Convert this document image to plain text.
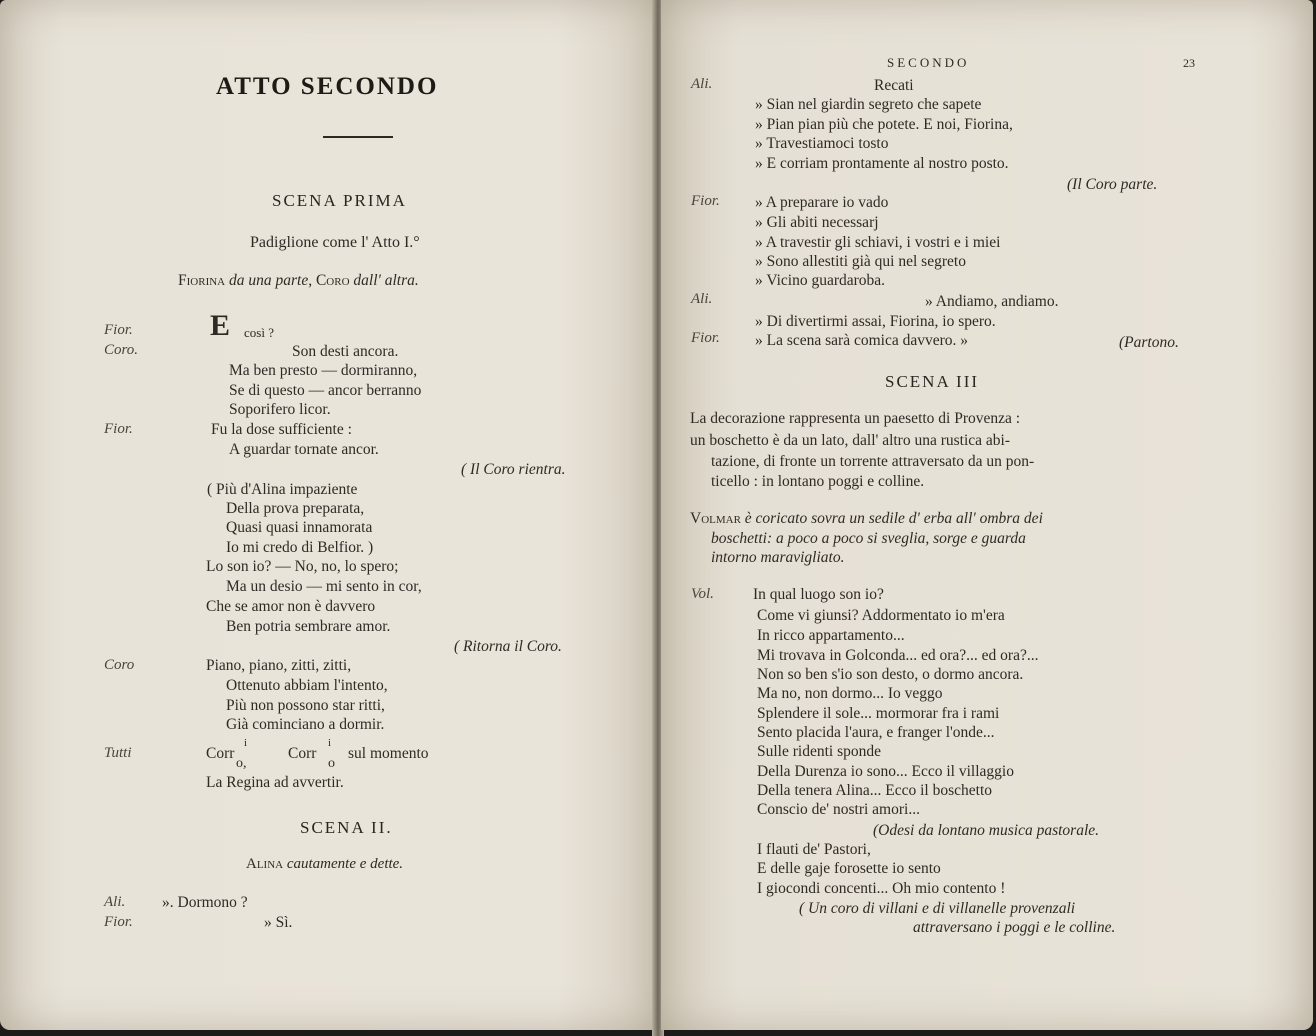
ATTO SECONDO
SCENA PRIMA
Padiglione come l' Atto I.°
Fiorina da una parte, Coro dall' altra.
Fior.	E così ?
Coro.	Son desti ancora.
Ma ben presto — dormiranno,
Se di questo — ancor berranno
Soporifero licor.
Fior.	Fu la dose sufficiente :
A guardar tornate ancor.
( Il Coro rientra.
( Più d'Alina impaziente
Della prova preparata,
Quasi quasi innamorata
Io mi credo di Belfior. )
Lo son io? — No, no, lo spero;
Ma un desio — mi sento in cor,
Che se amor non è davvero
Ben potria sembrare amor.
( Ritorna il Coro.
Coro	Piano, piano, zitti, zitti,
Ottenuto abbiam l'intento,
Più non possono star ritti,
Già cominciano a dormir.
Tutti	Corr
i
o,
Corr
i
o
sul momento
La Regina ad avvertir.
SCENA II.
Alina cautamente e dette.
Ali. ». Dormono ?
Fior.	» Sì.
SECONDO	23
Ali.	Recati
» Sian nel giardin segreto che sapete
» Pian pian più che potete. E noi, Fiorina,
» Travestiamoci tosto
» E corriam prontamente al nostro posto.
(Il Coro parte.
Fior. » A preparare io vado
» Gli abiti necessarj
» A travestir gli schiavi, i vostri e i miei
» Sono allestiti già qui nel segreto
» Vicino guardaroba.
Ali.	» Andiamo, andiamo.
» Di divertirmi assai, Fiorina, io spero.
Fior. » La scena sarà comica davvero. »	(Partono.
SCENA III
La decorazione rappresenta un paesetto di Provenza :
un boschetto è da un lato, dall' altro una rustica abi-
tazione, di fronte un torrente attraversato da un pon-
ticello : in lontano poggi e colline.
Volmar è coricato sovra un sedile d' erba all' ombra dei
boschetti: a poco a poco si sveglia, sorge e guarda
intorno maravigliato.
Vol.	In qual luogo son io?
Come vi giunsi? Addormentato io m'era
In ricco appartamento...
Mi trovava in Golconda... ed ora?... ed ora?...
Non so ben s'io son desto, o dormo ancora.
Ma no, non dormo... Io veggo
Splendere il sole... mormorar fra i rami
Sento placida l'aura, e franger l'onde...
Sulle ridenti sponde
Della Durenza io sono... Ecco il villaggio
Della tenera Alina... Ecco il boschetto
Conscio de' nostri amori...
(Odesi da lontano musica pastorale.
I flauti de' Pastori,
E delle gaje forosette io sento
I giocondi concenti... Oh mio contento !
( Un coro di villani e di villanelle provenzali
attraversano i poggi e le colline.
